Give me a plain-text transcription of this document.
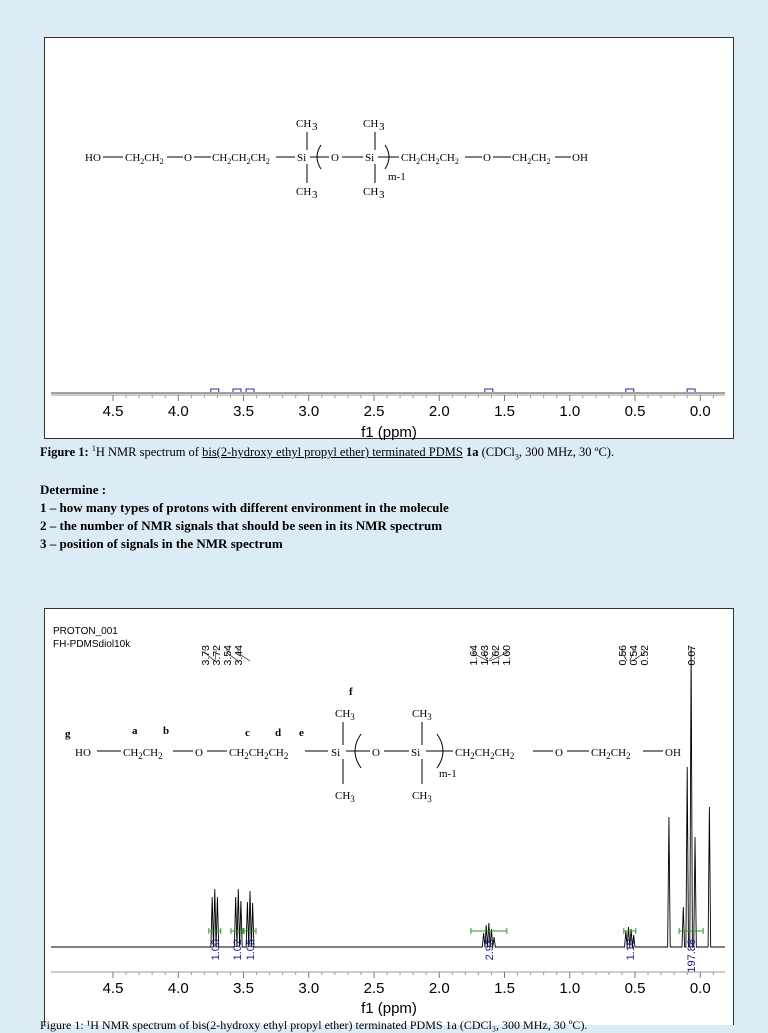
CH 3	CH 3
HO $CH_2CH_2$ O $CH_2CH_2CH_2$ Si O Si
m-1
$CH_2CH_2CH_2$ O $CH_2CH_2$ OH
CH 3	CH 3
4.5	4.0	3.5	3.0	2.5	2.0	1.5	1.0	0.5	0.0
f1 (ppm)
Figure 1: $^1$H NMR spectrum of bis(2-hydroxy ethyl propyl ether) terminated PDMS 1a (CDCl$_3$, 300 MHz, 30 ºC).
Determine :
1 – how many types of protons with different environment in the molecule
2 – the number of NMR signals that should be seen in its NMR spectrum
3 – position of signals in the NMR spectrum
PROTON_001
FH-PDMSdiol10k
g	a b	c d e
f
$CH_3$	$CH_3$
HO	$CH_2CH_2$	O $CH_2CH_2CH_2$	Si	O	Si
m-1
$CH_2CH_2CH_2$	O	$CH_2CH_2$	OH
$CH_3$	$CH_3$
3.73 3.72 3.54 3.44	1.64 1.63 1.62 1.60	0.56 0.54 0.52	0.07
1.00 1.02 1.05	2.93	1.10	197.88
4.5	4.0	3.5	3.0	2.5	2.0	1.5	1.0	0.5	0.0
f1 (ppm)
Figure 1: ¹H NMR spectrum of bis(2-hydroxy ethyl propyl ether) terminated PDMS 1a (CDCl₃, 300 MHz, 30 ºC).
